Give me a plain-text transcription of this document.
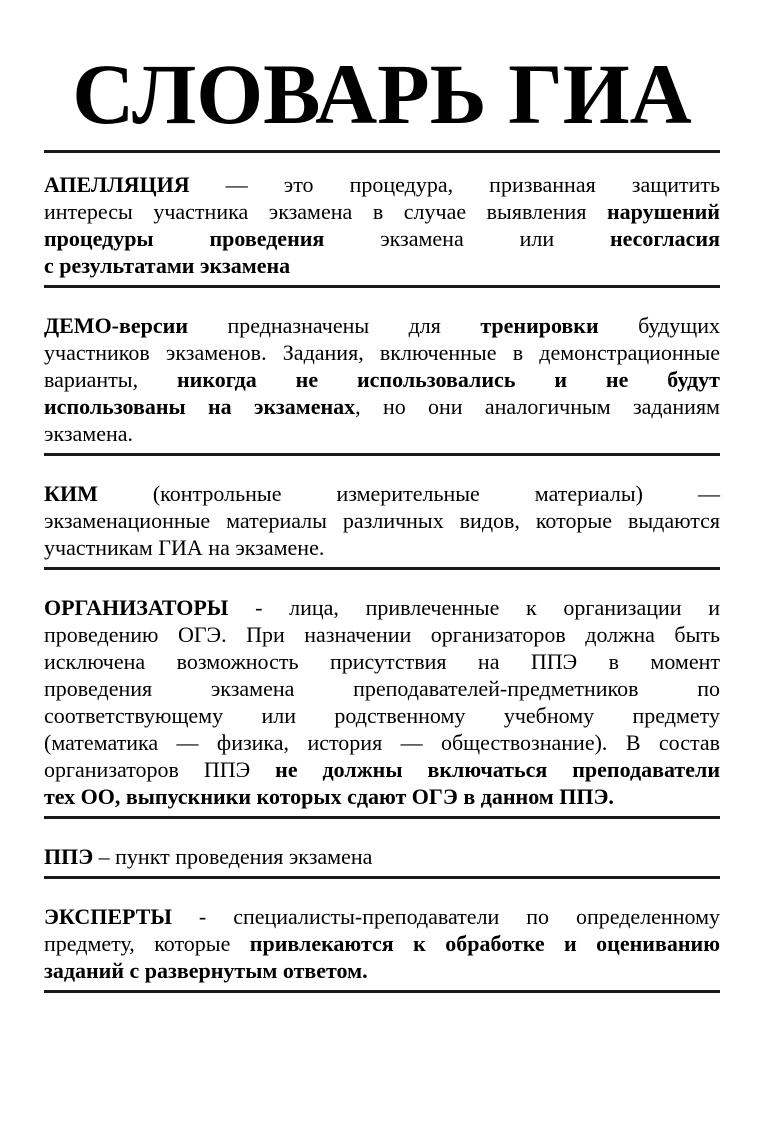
СЛОВАРЬ ГИА
АПЕЛЛЯЦИЯ — это процедура, призванная защитить
интересы участника экзамена в случае выявления нарушений
процедуры проведения экзамена или несогласия
с результатами экзамена
ДЕМО-версии предназначены для тренировки будущих
участников экзаменов. Задания, включенные в демонстрационные
варианты, никогда не использовались и не будут
использованы на экзаменах, но они аналогичным заданиям
экзамена.
КИМ (контрольные измерительные материалы) —
экзаменационные материалы различных видов, которые выдаются
участникам ГИА на экзамене.
ОРГАНИЗАТОРЫ - лица, привлеченные к организации и
проведению ОГЭ. При назначении организаторов должна быть
исключена возможность присутствия на ППЭ в момент
проведения экзамена преподавателей-предметников по
соответствующему или родственному учебному предмету
(математика — физика, история — обществознание). В состав
организаторов ППЭ не должны включаться преподаватели
тех ОО, выпускники которых сдают ОГЭ в данном ППЭ.
ППЭ – пункт проведения экзамена
ЭКСПЕРТЫ - специалисты-преподаватели по определенному
предмету, которые привлекаются к обработке и оцениванию
заданий с развернутым ответом.
